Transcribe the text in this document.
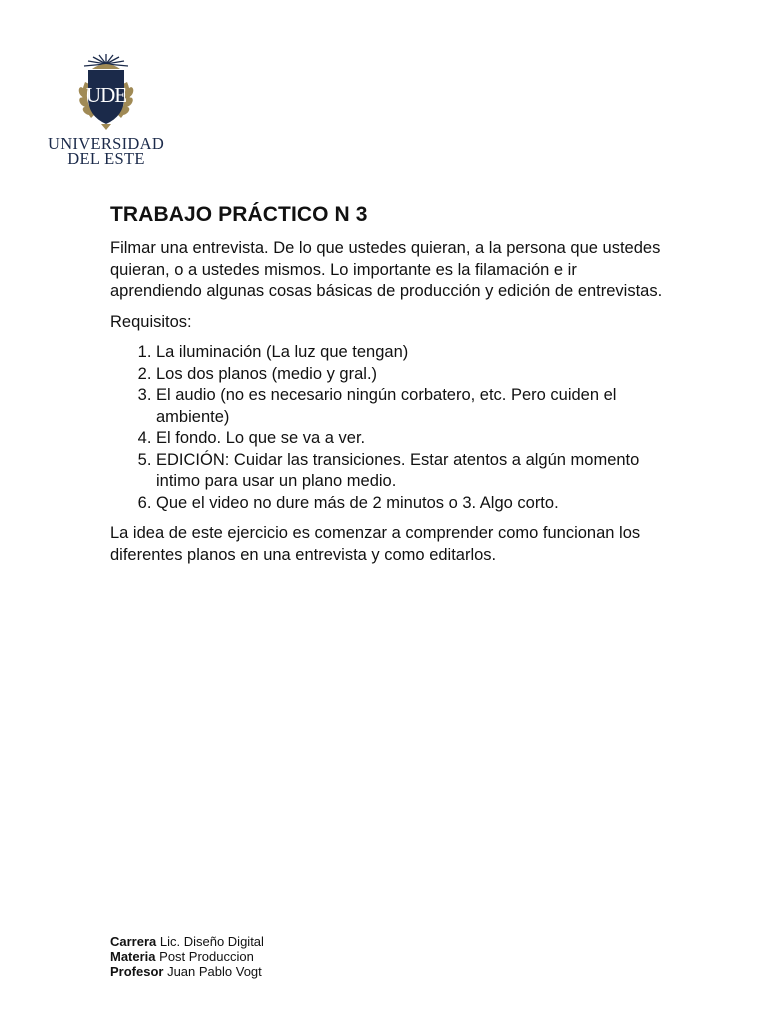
UDE
UNIVERSIDAD
DEL ESTE
TRABAJO PRÁCTICO N 3

Filmar una entrevista. De lo que ustedes quieran, a la persona que ustedes quieran, o a ustedes mismos. Lo importante es la filamación e ir aprendiendo algunas cosas básicas de producción y edición de entrevistas.

Requisitos:

1. La iluminación (La luz que tengan)
2. Los dos planos (medio y gral.)
3. El audio (no es necesario ningún corbatero, etc. Pero cuiden el ambiente)
4. El fondo. Lo que se va a ver.
5. EDICIÓN: Cuidar las transiciones. Estar atentos a algún momento intimo para usar un plano medio.
6. Que el video no dure más de 2 minutos o 3. Algo corto.

La idea de este ejercicio es comenzar a comprender como funcionan los diferentes planos en una entrevista y como editarlos.

Carrera Lic. Diseño Digital
Materia Post Produccion
Profesor Juan Pablo Vogt
